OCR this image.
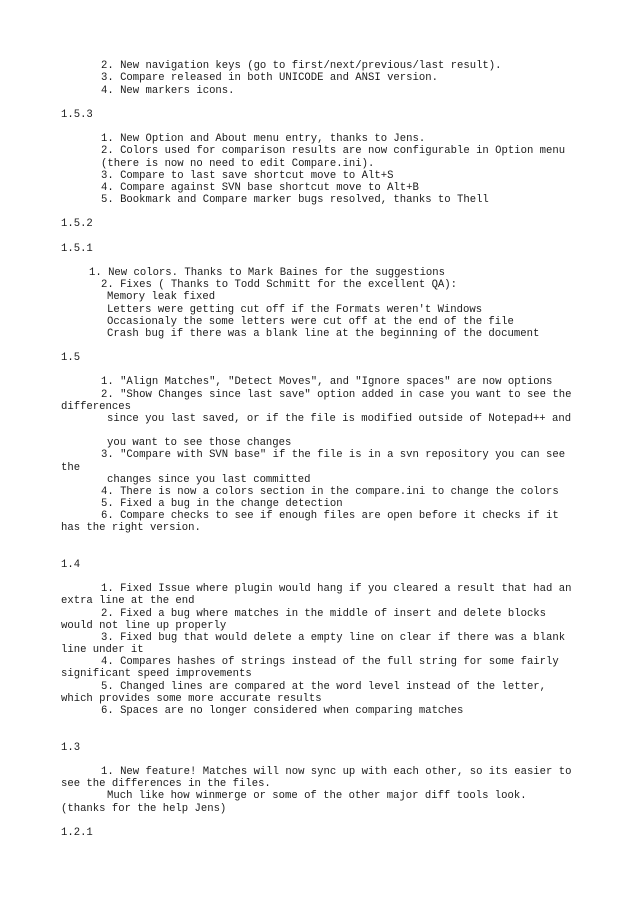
2. New navigation keys (go to first/next/previous/last result).
3. Compare released in both UNICODE and ANSI version.
4. New markers icons.
1.5.3
1. New Option and About menu entry, thanks to Jens.
2. Colors used for comparison results are now configurable in Option menu
(there is now no need to edit Compare.ini).
3. Compare to last save shortcut move to Alt+S
4. Compare against SVN base shortcut move to Alt+B
5. Bookmark and Compare marker bugs resolved, thanks to Thell
1.5.2
1.5.1
1. New colors. Thanks to Mark Baines for the suggestions
2. Fixes ( Thanks to Todd Schmitt for the excellent QA):
Memory leak fixed
Letters were getting cut off if the Formats weren't Windows
Occasionaly the some letters were cut off at the end of the file
Crash bug if there was a blank line at the beginning of the document
1.5
1. "Align Matches", "Detect Moves", and "Ignore spaces" are now options
2. "Show Changes since last save" option added in case you want to see the
differences
since you last saved, or if the file is modified outside of Notepad++ and
you want to see those changes
3. "Compare with SVN base" if the file is in a svn repository you can see
the
changes since you last committed
4. There is now a colors section in the compare.ini to change the colors
5. Fixed a bug in the change detection
6. Compare checks to see if enough files are open before it checks if it
has the right version.
1.4
1. Fixed Issue where plugin would hang if you cleared a result that had an
extra line at the end
2. Fixed a bug where matches in the middle of insert and delete blocks
would not line up properly
3. Fixed bug that would delete a empty line on clear if there was a blank
line under it
4. Compares hashes of strings instead of the full string for some fairly
significant speed improvements
5. Changed lines are compared at the word level instead of the letter,
which provides some more accurate results
6. Spaces are no longer considered when comparing matches
1.3
1. New feature! Matches will now sync up with each other, so its easier to
see the differences in the files.
Much like how winmerge or some of the other major diff tools look.
(thanks for the help Jens)
1.2.1
